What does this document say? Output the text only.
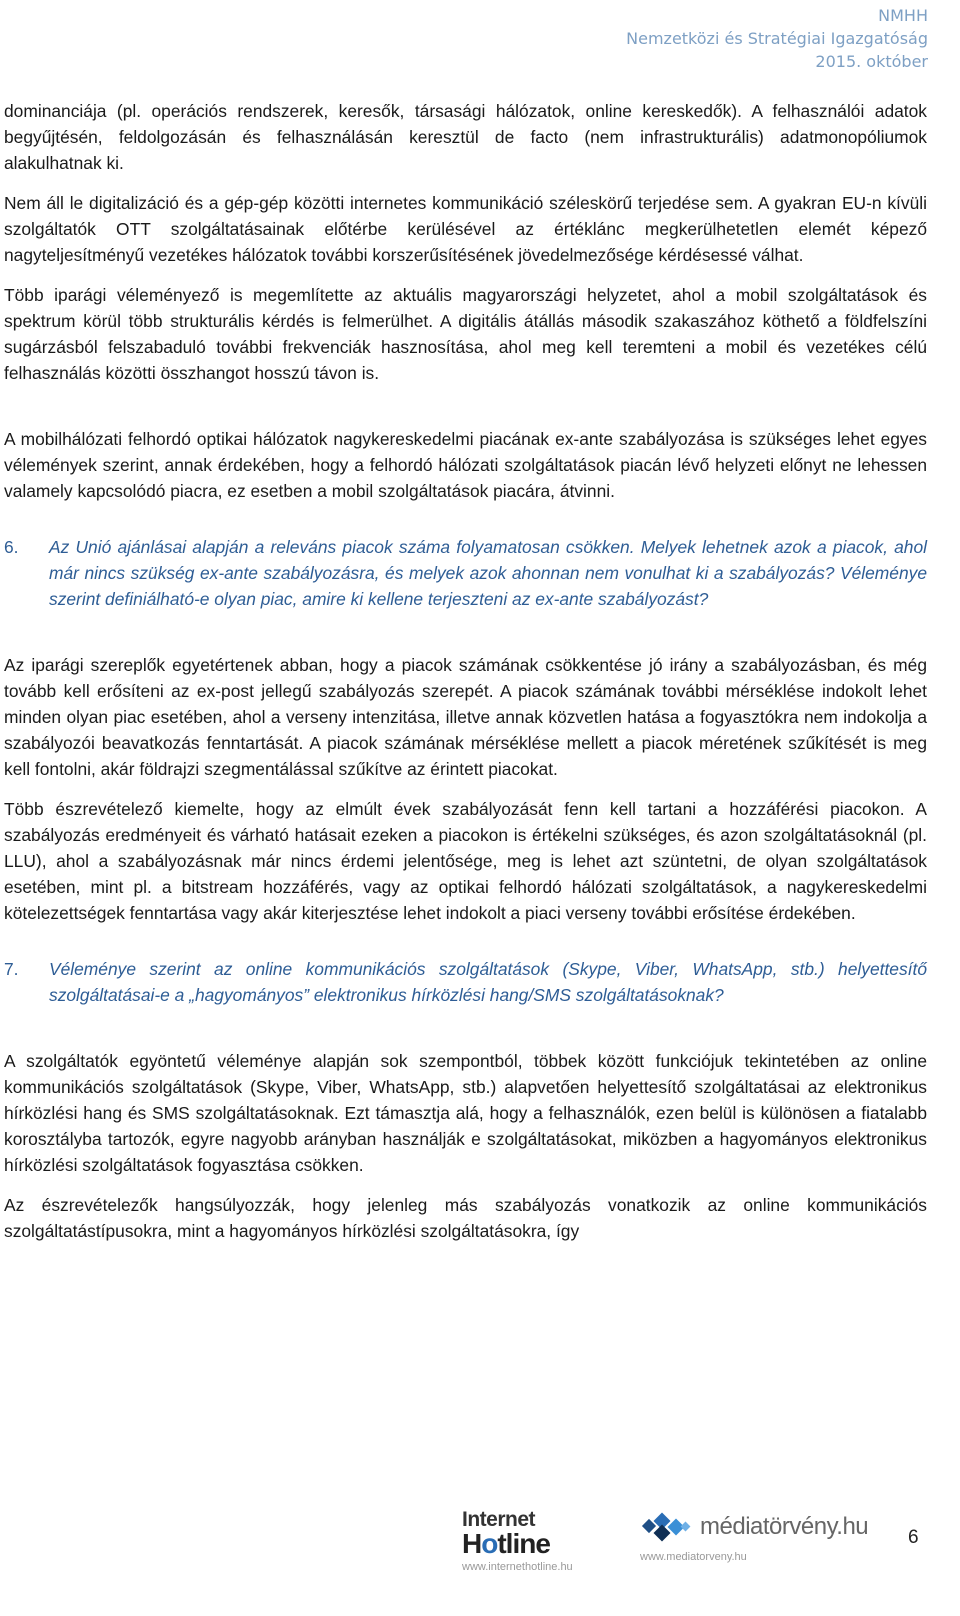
NMHH
Nemzetközi és Stratégiai Igazgatóság
2015. október

dominanciája (pl. operációs rendszerek, keresők, társasági hálózatok, online kereskedők). A felhasználói adatok begyűjtésén, feldolgozásán és felhasználásán keresztül de facto (nem infrastrukturális) adatmonopóliumok alakulhatnak ki.

Nem áll le digitalizáció és a gép-gép közötti internetes kommunikáció széleskörű terjedése sem. A gyakran EU-n kívüli szolgáltatók OTT szolgáltatásainak előtérbe kerülésével az értéklánc megkerülhetetlen elemét képező nagyteljesítményű vezetékes hálózatok további korszerűsítésének jövedelmezősége kérdésessé válhat.

Több iparági véleményező is megemlítette az aktuális magyarországi helyzetet, ahol a mobil szolgáltatások és spektrum körül több strukturális kérdés is felmerülhet. A digitális átállás második szakaszához köthető a földfelszíni sugárzásból felszabaduló további frekvenciák hasznosítása, ahol meg kell teremteni a mobil és vezetékes célú felhasználás közötti összhangot hosszú távon is.

A mobilhálózati felhordó optikai hálózatok nagykereskedelmi piacának ex-ante szabályozása is szükséges lehet egyes vélemények szerint, annak érdekében, hogy a felhordó hálózati szolgáltatások piacán lévő helyzeti előnyt ne lehessen valamely kapcsolódó piacra, ez esetben a mobil szolgáltatások piacára, átvinni.

6.	Az Unió ajánlásai alapján a releváns piacok száma folyamatosan csökken. Melyek lehetnek azok a piacok, ahol már nincs szükség ex-ante szabályozásra, és melyek azok ahonnan nem vonulhat ki a szabályozás? Véleménye szerint definiálható-e olyan piac, amire ki kellene terjeszteni az ex-ante szabályozást?

Az iparági szereplők egyetértenek abban, hogy a piacok számának csökkentése jó irány a szabályozásban, és még tovább kell erősíteni az ex-post jellegű szabályozás szerepét. A piacok számának további mérséklése indokolt lehet minden olyan piac esetében, ahol a verseny intenzitása, illetve annak közvetlen hatása a fogyasztókra nem indokolja a szabályozói beavatkozás fenntartását. A piacok számának mérséklése mellett a piacok méretének szűkítését is meg kell fontolni, akár földrajzi szegmentálással szűkítve az érintett piacokat.

Több észrevételező kiemelte, hogy az elmúlt évek szabályozását fenn kell tartani a hozzáférési piacokon. A szabályozás eredményeit és várható hatásait ezeken a piacokon is értékelni szükséges, és azon szolgáltatásoknál (pl. LLU), ahol a szabályozásnak már nincs érdemi jelentősége, meg is lehet azt szüntetni, de olyan szolgáltatások esetében, mint pl. a bitstream hozzáférés, vagy az optikai felhordó hálózati szolgáltatások, a nagykereskedelmi kötelezettségek fenntartása vagy akár kiterjesztése lehet indokolt a piaci verseny további erősítése érdekében.

7.	Véleménye szerint az online kommunikációs szolgáltatások (Skype, Viber, WhatsApp, stb.) helyettesítő szolgáltatásai-e a „hagyományos” elektronikus hírközlési hang/SMS szolgáltatásoknak?

A szolgáltatók egyöntetű véleménye alapján sok szempontból, többek között funkciójuk tekintetében az online kommunikációs szolgáltatások (Skype, Viber, WhatsApp, stb.) alapvetően helyettesítő szolgáltatásai az elektronikus hírközlési hang és SMS szolgáltatásoknak. Ezt támasztja alá, hogy a felhasználók, ezen belül is különösen a fiatalabb korosztályba tartozók, egyre nagyobb arányban használják e szolgáltatásokat, miközben a hagyományos elektronikus hírközlési szolgáltatások fogyasztása csökken.

Az észrevételezők hangsúlyozzák, hogy jelenleg más szabályozás vonatkozik az online kommunikációs szolgáltatástípusokra, mint a hagyományos hírközlési szolgáltatásokra, így

Internet
Hotline
www.internethotline.hu
médiatörvény.hu
www.mediatorveny.hu
6
